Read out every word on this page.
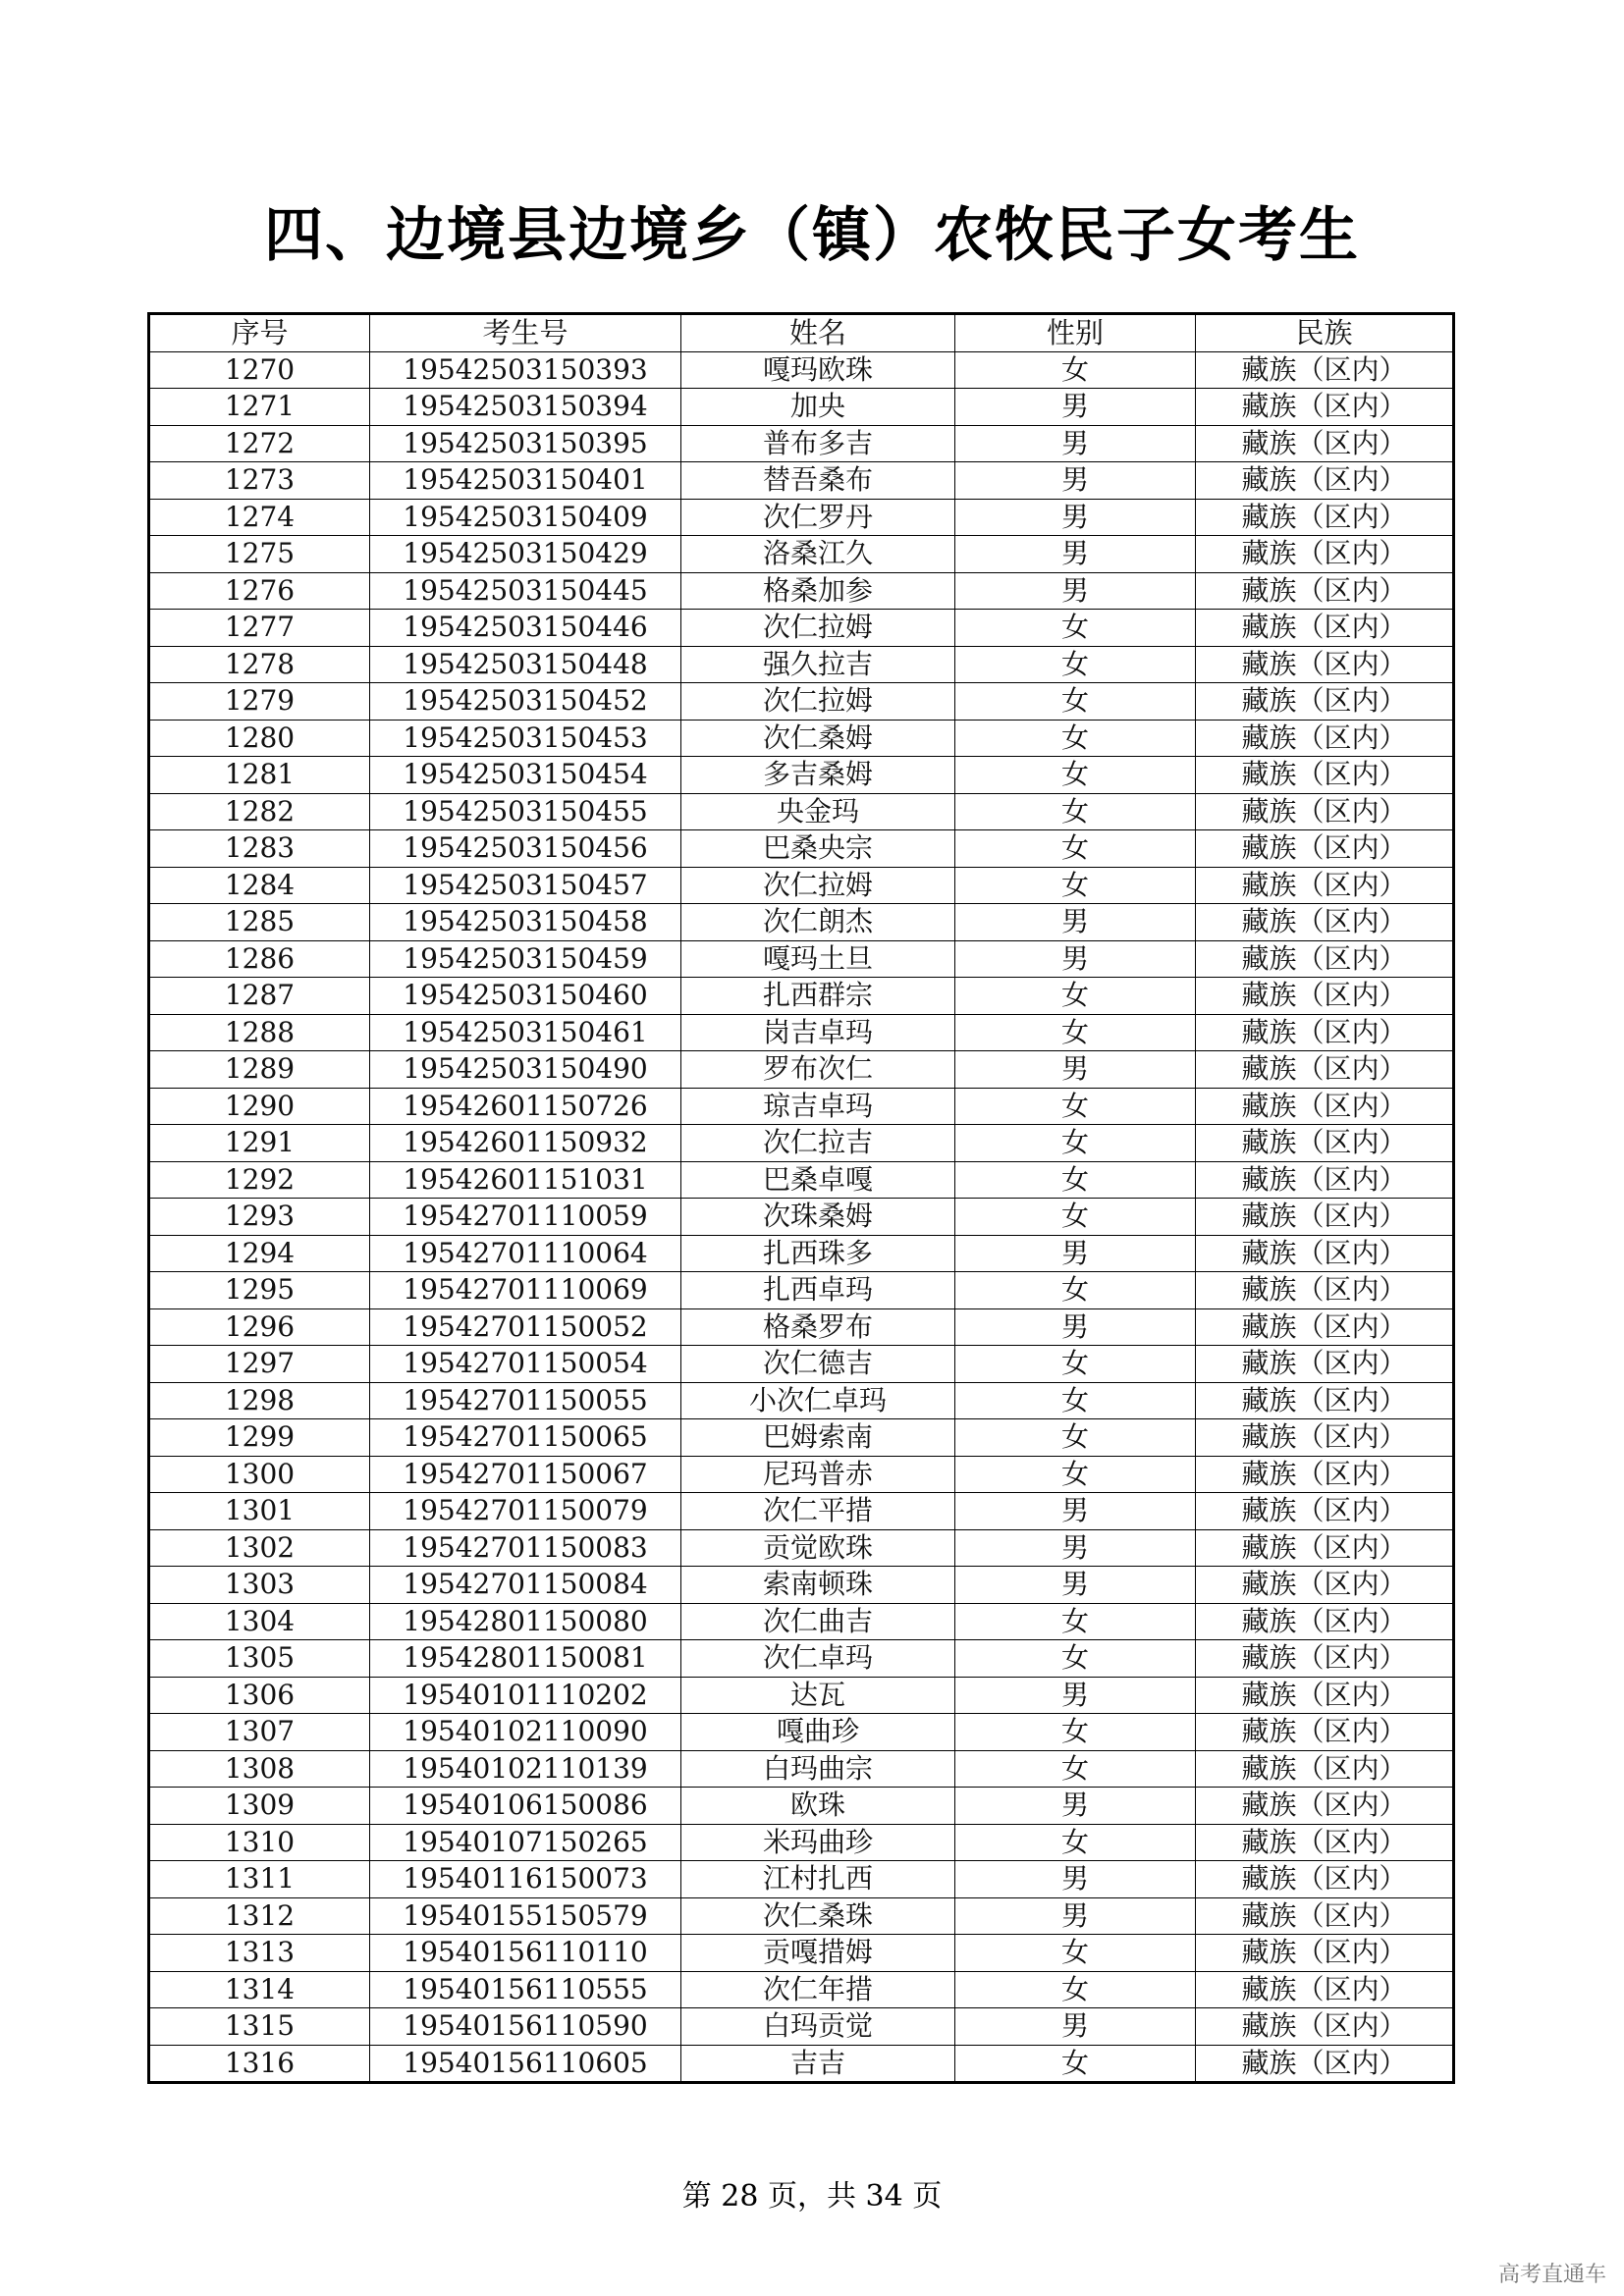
四、边境县边境乡（镇）农牧民子女考生
序号	考生号	姓名	性别	民族
1270	19542503150393	嘎玛欧珠	女	藏族（区内）
1271	19542503150394	加央	男	藏族（区内）
1272	19542503150395	普布多吉	男	藏族（区内）
1273	19542503150401	替吾桑布	男	藏族（区内）
1274	19542503150409	次仁罗丹	男	藏族（区内）
1275	19542503150429	洛桑江久	男	藏族（区内）
1276	19542503150445	格桑加参	男	藏族（区内）
1277	19542503150446	次仁拉姆	女	藏族（区内）
1278	19542503150448	强久拉吉	女	藏族（区内）
1279	19542503150452	次仁拉姆	女	藏族（区内）
1280	19542503150453	次仁桑姆	女	藏族（区内）
1281	19542503150454	多吉桑姆	女	藏族（区内）
1282	19542503150455	央金玛	女	藏族（区内）
1283	19542503150456	巴桑央宗	女	藏族（区内）
1284	19542503150457	次仁拉姆	女	藏族（区内）
1285	19542503150458	次仁朗杰	男	藏族（区内）
1286	19542503150459	嘎玛土旦	男	藏族（区内）
1287	19542503150460	扎西群宗	女	藏族（区内）
1288	19542503150461	岗吉卓玛	女	藏族（区内）
1289	19542503150490	罗布次仁	男	藏族（区内）
1290	19542601150726	琼吉卓玛	女	藏族（区内）
1291	19542601150932	次仁拉吉	女	藏族（区内）
1292	19542601151031	巴桑卓嘎	女	藏族（区内）
1293	19542701110059	次珠桑姆	女	藏族（区内）
1294	19542701110064	扎西珠多	男	藏族（区内）
1295	19542701110069	扎西卓玛	女	藏族（区内）
1296	19542701150052	格桑罗布	男	藏族（区内）
1297	19542701150054	次仁德吉	女	藏族（区内）
1298	19542701150055	小次仁卓玛	女	藏族（区内）
1299	19542701150065	巴姆索南	女	藏族（区内）
1300	19542701150067	尼玛普赤	女	藏族（区内）
1301	19542701150079	次仁平措	男	藏族（区内）
1302	19542701150083	贡觉欧珠	男	藏族（区内）
1303	19542701150084	索南顿珠	男	藏族（区内）
1304	19542801150080	次仁曲吉	女	藏族（区内）
1305	19542801150081	次仁卓玛	女	藏族（区内）
1306	19540101110202	达瓦	男	藏族（区内）
1307	19540102110090	嘎曲珍	女	藏族（区内）
1308	19540102110139	白玛曲宗	女	藏族（区内）
1309	19540106150086	欧珠	男	藏族（区内）
1310	19540107150265	米玛曲珍	女	藏族（区内）
1311	19540116150073	江村扎西	男	藏族（区内）
1312	19540155150579	次仁桑珠	男	藏族（区内）
1313	19540156110110	贡嘎措姆	女	藏族（区内）
1314	19540156110555	次仁年措	女	藏族（区内）
1315	19540156110590	白玛贡觉	男	藏族（区内）
1316	19540156110605	吉吉	女	藏族（区内）
第 28 页，共 34 页
高考直通车
